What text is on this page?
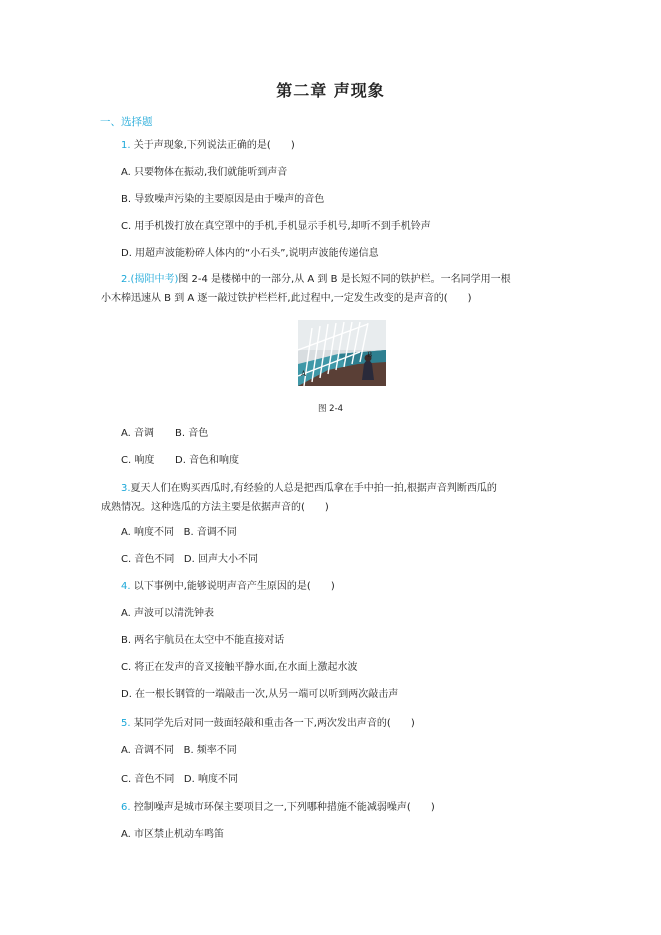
第二章 声现象
一、选择题
1. 关于声现象,下列说法正确的是(　　)
A. 只要物体在振动,我们就能听到声音
B. 导致噪声污染的主要原因是由于噪声的音色
C. 用手机拨打放在真空罩中的手机,手机显示手机号,却听不到手机铃声
D. 用超声波能粉碎人体内的“小石头”,说明声波能传递信息
2.(揭阳中考)图 2-4 是楼梯中的一部分,从 A 到 B 是长短不同的铁护栏。一名同学用一根
小木棒迅速从 B 到 A 逐一敲过铁护栏栏杆,此过程中,一定发生改变的是声音的(　　)
A
B
图 2-4
A. 音调 B. 音色
C. 响度 D. 音色和响度
3.夏天人们在购买西瓜时,有经验的人总是把西瓜拿在手中拍一拍,根据声音判断西瓜的
成熟情况。这种选瓜的方法主要是依据声音的(　　)
A. 响度不同 B. 音调不同
C. 音色不同 D. 回声大小不同
4. 以下事例中,能够说明声音产生原因的是(　　)
A. 声波可以清洗钟表
B. 两名宇航员在太空中不能直接对话
C. 将正在发声的音叉接触平静水面,在水面上激起水波
D. 在一根长钢管的一端敲击一次,从另一端可以听到两次敲击声
5. 某同学先后对同一鼓面轻敲和重击各一下,两次发出声音的(　　)
A. 音调不同 B. 频率不同
C. 音色不同 D. 响度不同
6. 控制噪声是城市环保主要项目之一,下列哪种措施不能减弱噪声(　　)
A. 市区禁止机动车鸣笛
